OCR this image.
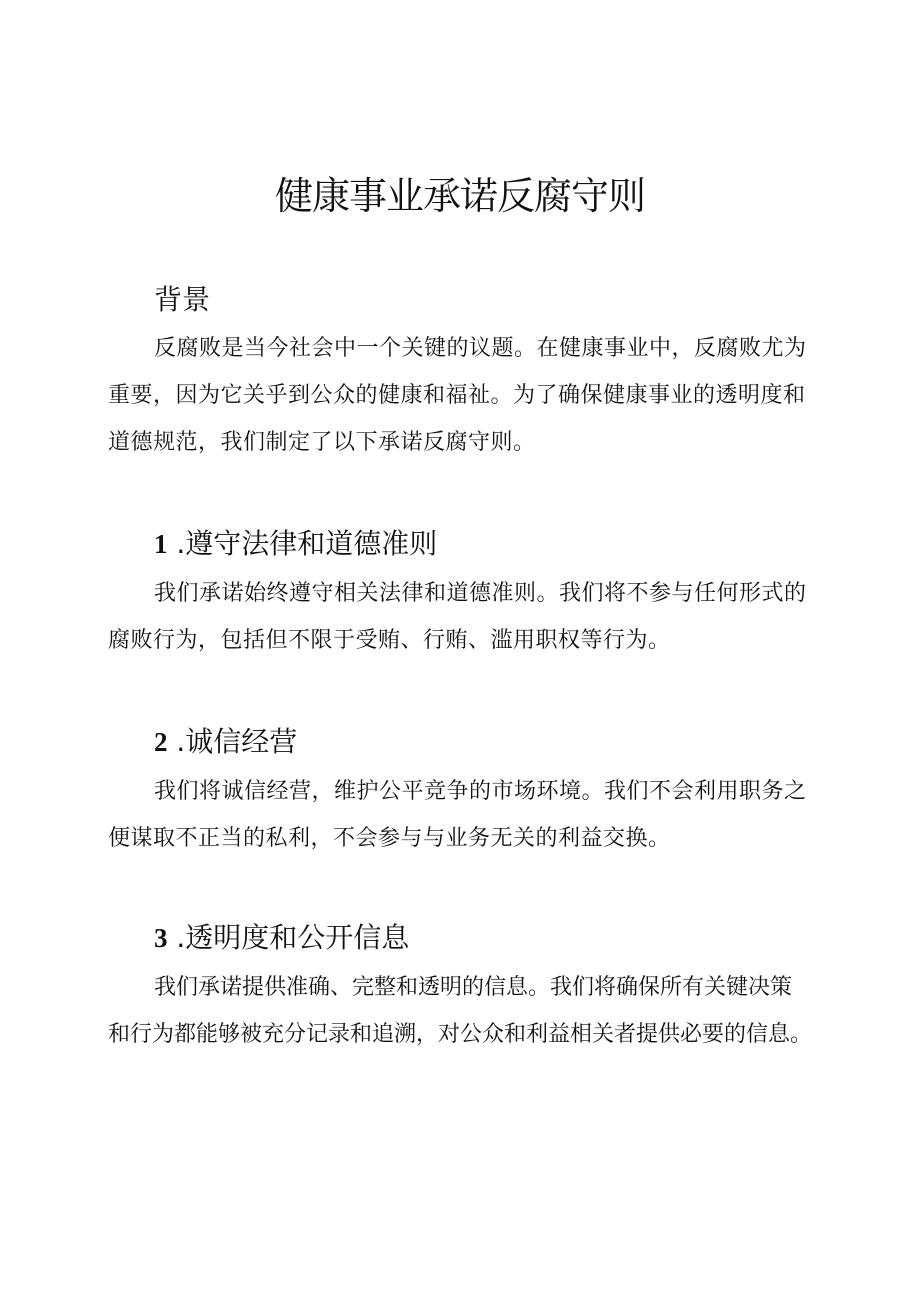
健康事业承诺反腐守则
背景
反腐败是当今社会中一个关键的议题。在健康事业中，反腐败尤为
重要，因为它关乎到公众的健康和福祉。为了确保健康事业的透明度和
道德规范，我们制定了以下承诺反腐守则。
1 .遵守法律和道德准则
我们承诺始终遵守相关法律和道德准则。我们将不参与任何形式的
腐败行为，包括但不限于受贿、行贿、滥用职权等行为。
2 .诚信经营
我们将诚信经营，维护公平竞争的市场环境。我们不会利用职务之
便谋取不正当的私利，不会参与与业务无关的利益交换。
3 .透明度和公开信息
我们承诺提供准确、完整和透明的信息。我们将确保所有关键决策
和行为都能够被充分记录和追溯，对公众和利益相关者提供必要的信息。
